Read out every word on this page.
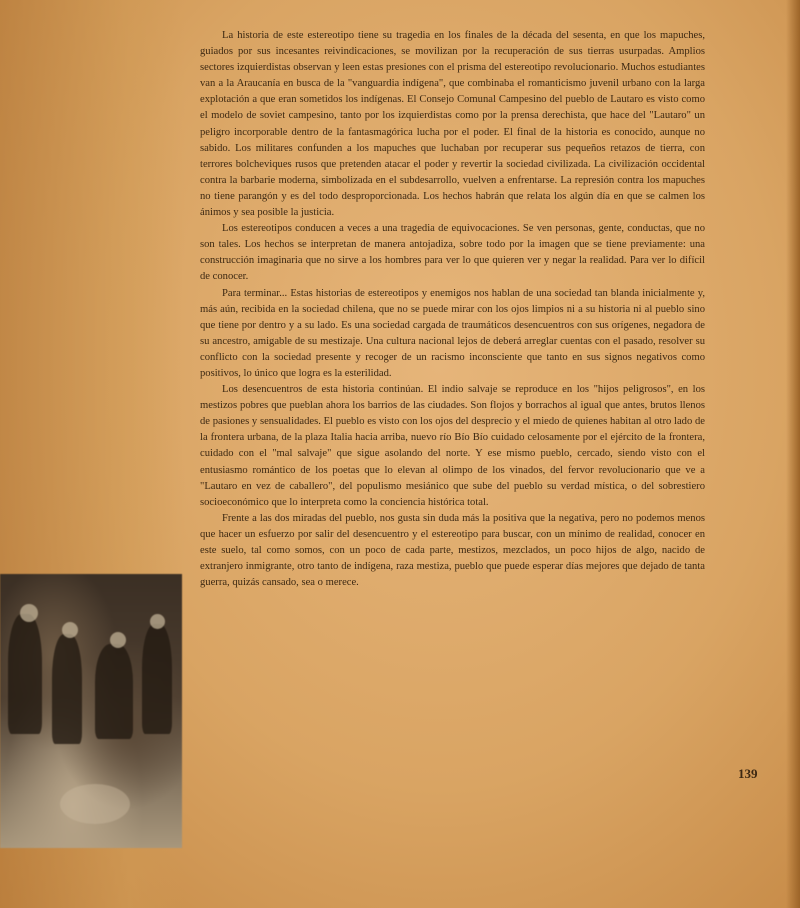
La historia de este estereotipo tiene su tragedia en los finales de la década del sesenta, en que los mapuches, guiados por sus incesantes reivindicaciones, se movilizan por la recuperación de sus tierras usurpadas. Amplios sectores izquierdistas observan y leen estas presiones con el prisma del estereotipo revolucionario. Muchos estudiantes van a la Araucanía en busca de la "vanguardia indígena", que combinaba el romanticismo juvenil urbano con la larga explotación a que eran sometidos los indígenas. El Consejo Comunal Campesino del pueblo de Lautaro es visto como el modelo de soviet campesino, tanto por los izquierdistas como por la prensa derechista, que hace del "Lautaro" un peligro incorporable dentro de la fantasmagórica lucha por el poder. El final de la historia es conocido, aunque no sabido. Los militares confunden a los mapuches que luchaban por recuperar sus pequeños retazos de tierra, con terrores bolcheviques rusos que pretenden atacar el poder y revertir la sociedad civilizada. La civilización occidental contra la barbarie moderna, simbolizada en el subdesarrollo, vuelven a enfrentarse. La represión contra los mapuches no tiene parangón y es del todo desproporcionada. Los hechos habrán que relata los algún día en que se calmen los ánimos y sea posible la justicia.

Los estereotipos conducen a veces a una tragedia de equivocaciones. Se ven personas, gente, conductas, que no son tales. Los hechos se interpretan de manera antojadiza, sobre todo por la imagen que se tiene previamente: una construcción imaginaria que no sirve a los hombres para ver lo que quieren ver y negar la realidad. Para ver lo difícil de conocer.

Para terminar... Estas historias de estereotipos y enemigos nos hablan de una sociedad tan blanda inicialmente y, más aún, recibida en la sociedad chilena, que no se puede mirar con los ojos limpios ni a su historia ni al pueblo sino que tiene por dentro y a su lado. Es una sociedad cargada de traumáticos desencuentros con sus orígenes, negadora de su ancestro, amigable de su mestizaje. Una cultura nacional lejos de deberá arreglar cuentas con el pasado, resolver su conflicto con la sociedad presente y recoger de un racismo inconsciente que tanto en sus signos negativos como positivos, lo único que logra es la esterilidad.

Los desencuentros de esta historia continúan. El indio salvaje se reproduce en los "hijos peligrosos", en los mestizos pobres que pueblan ahora los barrios de las ciudades. Son flojos y borrachos al igual que antes, brutos llenos de pasiones y sensualidades. El pueblo es visto con los ojos del desprecio y el miedo de quienes habitan al otro lado de la frontera urbana, de la plaza Italia hacia arriba, nuevo río Bío Bío cuidado celosamente por el ejército de la frontera, cuidado con el "mal salvaje" que sigue asolando del norte. Y ese mismo pueblo, cercado, siendo visto con el entusiasmo romántico de los poetas que lo elevan al olimpo de los vinados, del fervor revolucionario que ve a "Lautaro en vez de caballero", del populismo mesiánico que sube del pueblo su verdad mística, o del sobrestiero socioeconómico que lo interpreta como la conciencia histórica total.

Frente a las dos miradas del pueblo, nos gusta sin duda más la positiva que la negativa, pero no podemos menos que hacer un esfuerzo por salir del desencuentro y el estereotipo para buscar, con un mínimo de realidad, conocer en este suelo, tal como somos, con un poco de cada parte, mestizos, mezclados, un poco hijos de algo, nacido de extranjero inmigrante, otro tanto de indígena, raza mestiza, pueblo que puede esperar días mejores que dejado de tanta guerra, quizás cansado, sea o merece.

139
